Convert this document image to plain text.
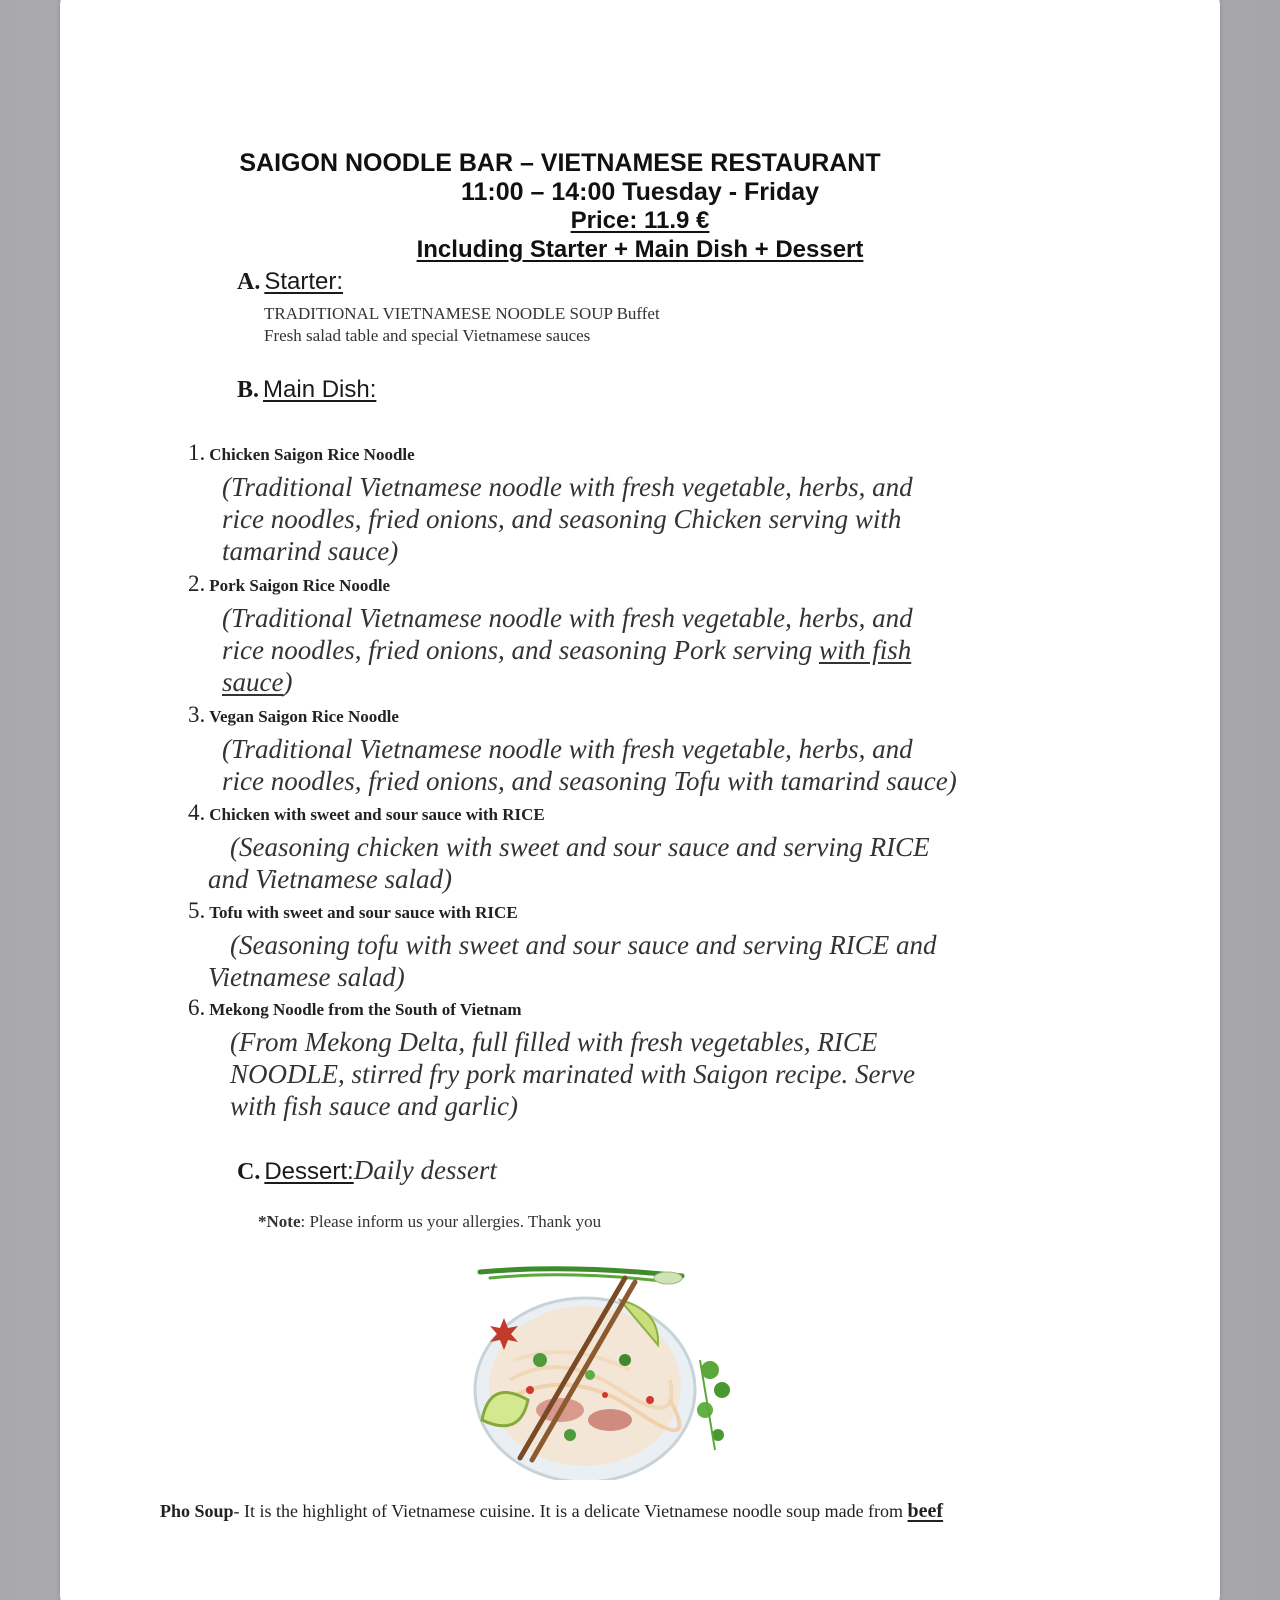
SAIGON NOODLE BAR – VIETNAMESE RESTAURANT
11:00 – 14:00 Tuesday - Friday
Price: 11.9 €
Including Starter + Main Dish + Dessert
A. Starter:
TRADITIONAL VIETNAMESE NOODLE SOUP Buffet
Fresh salad table and special Vietnamese sauces
B. Main Dish:
1. Chicken Saigon Rice Noodle
(Traditional Vietnamese noodle with fresh vegetable, herbs, and
rice noodles, fried onions, and seasoning Chicken serving with
tamarind sauce)
2. Pork Saigon Rice Noodle
(Traditional Vietnamese noodle with fresh vegetable, herbs, and
rice noodles, fried onions, and seasoning Pork serving with fish
sauce)
3. Vegan Saigon Rice Noodle
(Traditional Vietnamese noodle with fresh vegetable, herbs, and
rice noodles, fried onions, and seasoning Tofu with tamarind sauce)
4. Chicken with sweet and sour sauce with RICE
(Seasoning chicken with sweet and sour sauce and serving RICE
and Vietnamese salad)
5. Tofu with sweet and sour sauce with RICE
(Seasoning tofu with sweet and sour sauce and serving RICE and
Vietnamese salad)
6. Mekong Noodle from the South of Vietnam
(From Mekong Delta, full filled with fresh vegetables, RICE
NOODLE, stirred fry pork marinated with Saigon recipe. Serve
with fish sauce and garlic)
C. Dessert:Daily dessert
*Note: Please inform us your allergies. Thank you
Pho Soup- It is the highlight of Vietnamese cuisine. It is a delicate Vietnamese noodle soup made from beef
